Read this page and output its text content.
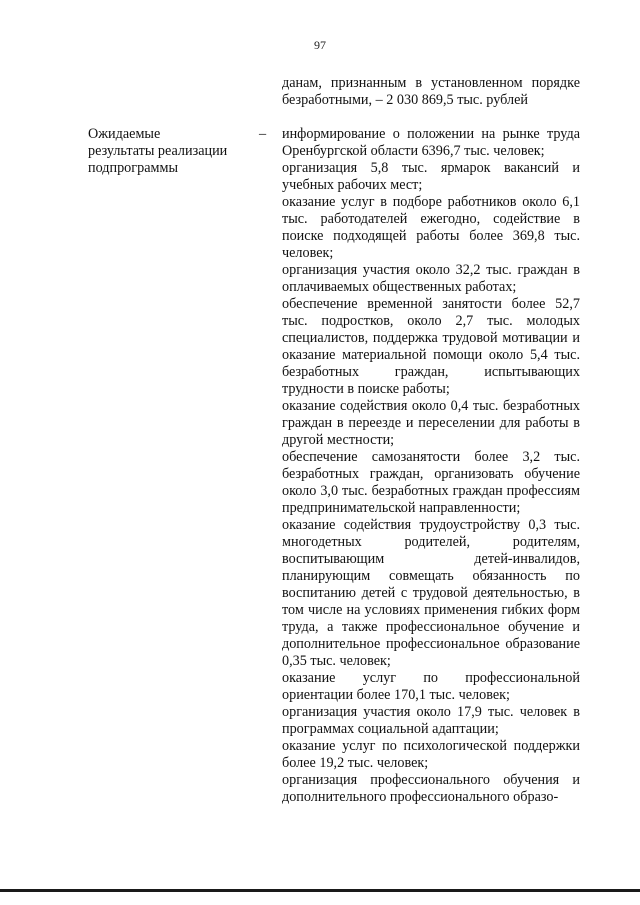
97
данам, признанным в установленном порядке безработными, – 2 030 869,5 тыс. рублей
Ожидаемые
результаты реализации
подпрограммы
– информирование о положении на рынке труда Оренбургской области 6396,7 тыс. человек;
организация 5,8 тыс. ярмарок вакансий и учебных рабочих мест;
оказание услуг в подборе работников около 6,1 тыс. работодателей ежегодно, содействие в поиске подходящей работы более 369,8 тыс. человек;
организация участия около 32,2 тыс. граждан в оплачиваемых общественных работах;
обеспечение временной занятости более 52,7 тыс. подростков, около 2,7 тыс. молодых специалистов, поддержка трудовой мотивации и оказание материальной помощи около 5,4 тыс. безработных граждан, испытывающих трудности в поиске работы;
оказание содействия около 0,4 тыс. безработных граждан в переезде и переселении для работы в другой местности;
обеспечение самозанятости более 3,2 тыс. безработных граждан, организовать обучение около 3,0 тыс. безработных граждан профессиям предпринимательской направленности;
оказание содействия трудоустройству 0,3 тыс. многодетных родителей, родителям, воспитывающим детей-инвалидов, планирующим совмещать обязанность по воспитанию детей с трудовой деятельностью, в том числе на условиях применения гибких форм труда, а также профессиональное обучение и дополнительное профессиональное образование 0,35 тыс. человек;
оказание услуг по профессиональной ориентации более 170,1 тыс. человек;
организация участия около 17,9 тыс. человек в программах социальной адаптации;
оказание услуг по психологической поддержки более 19,2 тыс. человек;
организация профессионального обучения и дополнительного профессионального образо-
